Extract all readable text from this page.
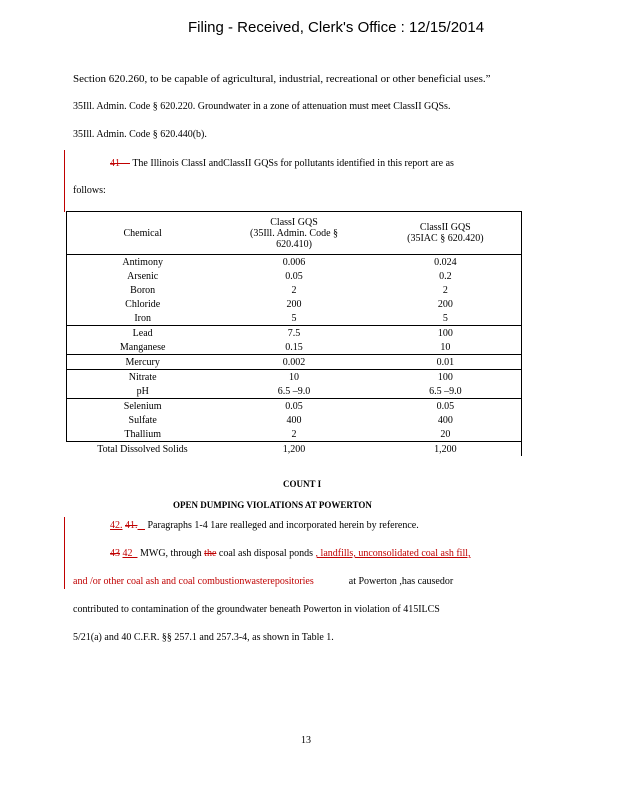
Filing - Received, Clerk's Office : 12/15/2014
Section 620.260, to be capable of agricultural, industrial, recreational or other beneficial uses.”
35Ill. Admin. Code § 620.220. Groundwater in a zone of attenuation must meet ClassII GQSs.
35Ill. Admin. Code § 620.440(b).
41 The Illinois ClassI andClassII GQSs for pollutants identified in this report are as
follows:
Chemical	ClassI GQS
(35Ill. Admin. Code §
620.410)	ClassII GQS
(35IAC § 620.420)
Antimony	0.006	0.024
Arsenic	0.05	0.2
Boron	2	2
Chloride	200	200
Iron	5	5
Lead	7.5	100
Manganese	0.15	10
Mercury	0.002	0.01
Nitrate	10	100
pH	6.5 –9.0	6.5 –9.0
Selenium	0.05	0.05
Sulfate	400	400
Thallium	2	20
Total Dissolved Solids	1,200	1,200
COUNT I
OPEN DUMPING VIOLATIONS AT POWERTON
42. 41. Paragraphs 1-4 1are realleged and incorporated herein by reference.
43 42 MWG, through the coal ash disposal ponds , landfills, unconsolidated coal ash fill,
and /or other coal ash and coal combustionwasterepositories	at Powerton ,has causedor
contributed to contamination of the groundwater beneath Powerton in violation of 415ILCS
5/21(a) and 40 C.F.R. §§ 257.1 and 257.3-4, as shown in Table 1.
13
